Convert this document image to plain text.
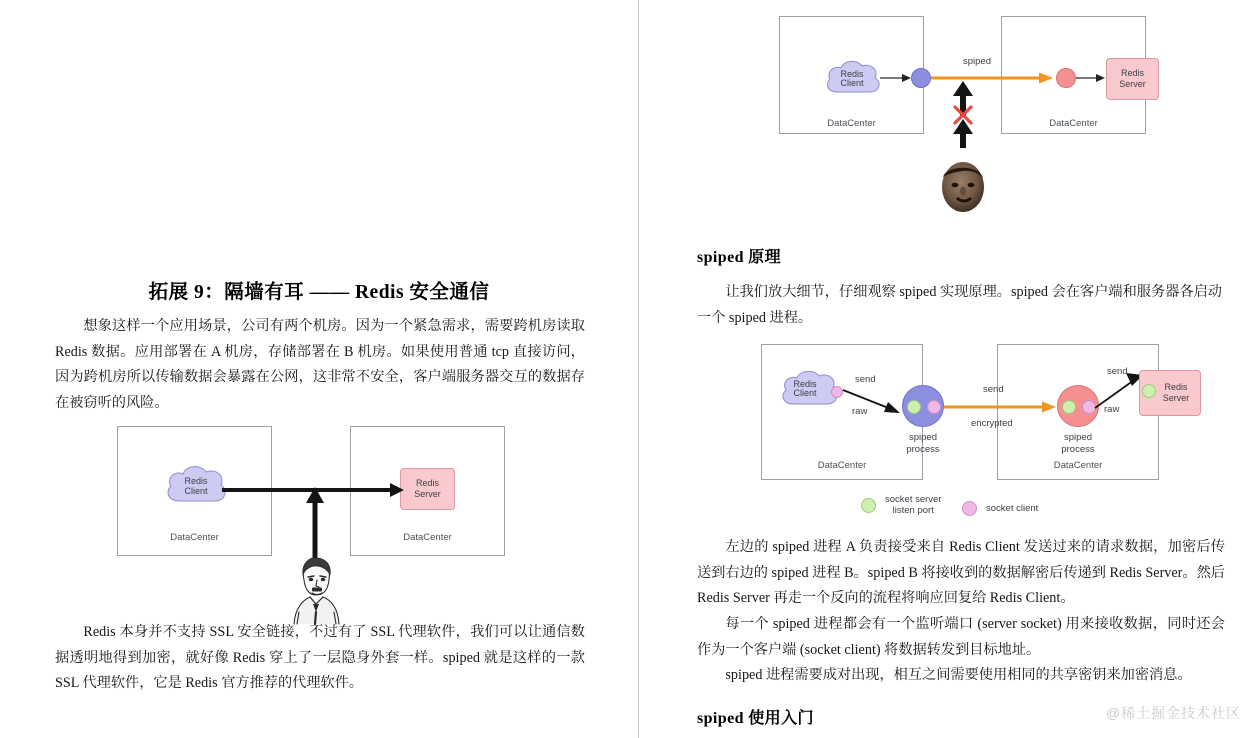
拓展 9：隔墙有耳 —— Redis 安全通信

想象这样一个应用场景，公司有两个机房。因为一个紧急需求，需要跨机房读取 Redis 数据。应用部署在 A 机房，存储部署在 B 机房。如果使用普通 tcp 直接访问，因为跨机房所以传输数据会暴露在公网，这非常不安全，客户端服务器交互的数据存在被窃听的风险。

DataCenter	DataCenter
Redis
Client
Redis
Server

Redis 本身并不支持 SSL 安全链接，不过有了 SSL 代理软件，我们可以让通信数据透明地得到加密，就好像 Redis 穿上了一层隐身外套一样。spiped 就是这样的一款 SSL 代理软件，它是 Redis 官方推荐的代理软件。

DataCenter	DataCenter
Redis
Client
spiped
Redis
Server
spiped 原理

让我们放大细节，仔细观察 spiped 实现原理。spiped 会在客户端和服务器各启动一个 spiped 进程。

DataCenter	DataCenter
Redis
Client
send
raw
spiped
process
send
encrypted
spiped
process
send
raw
Redis
Server
socket server
listen port	socket client

左边的 spiped 进程 A 负责接受来自 Redis Client 发送过来的请求数据，加密后传送到右边的 spiped 进程 B。spiped B 将接收到的数据解密后传递到 Redis Server。然后 Redis Server 再走一个反向的流程将响应回复给 Redis Client。

每一个 spiped 进程都会有一个监听端口 (server socket) 用来接收数据，同时还会作为一个客户端 (socket client) 将数据转发到目标地址。

spiped 进程需要成对出现，相互之间需要使用相同的共享密钥来加密消息。

spiped 使用入门	@稀土掘金技术社区
